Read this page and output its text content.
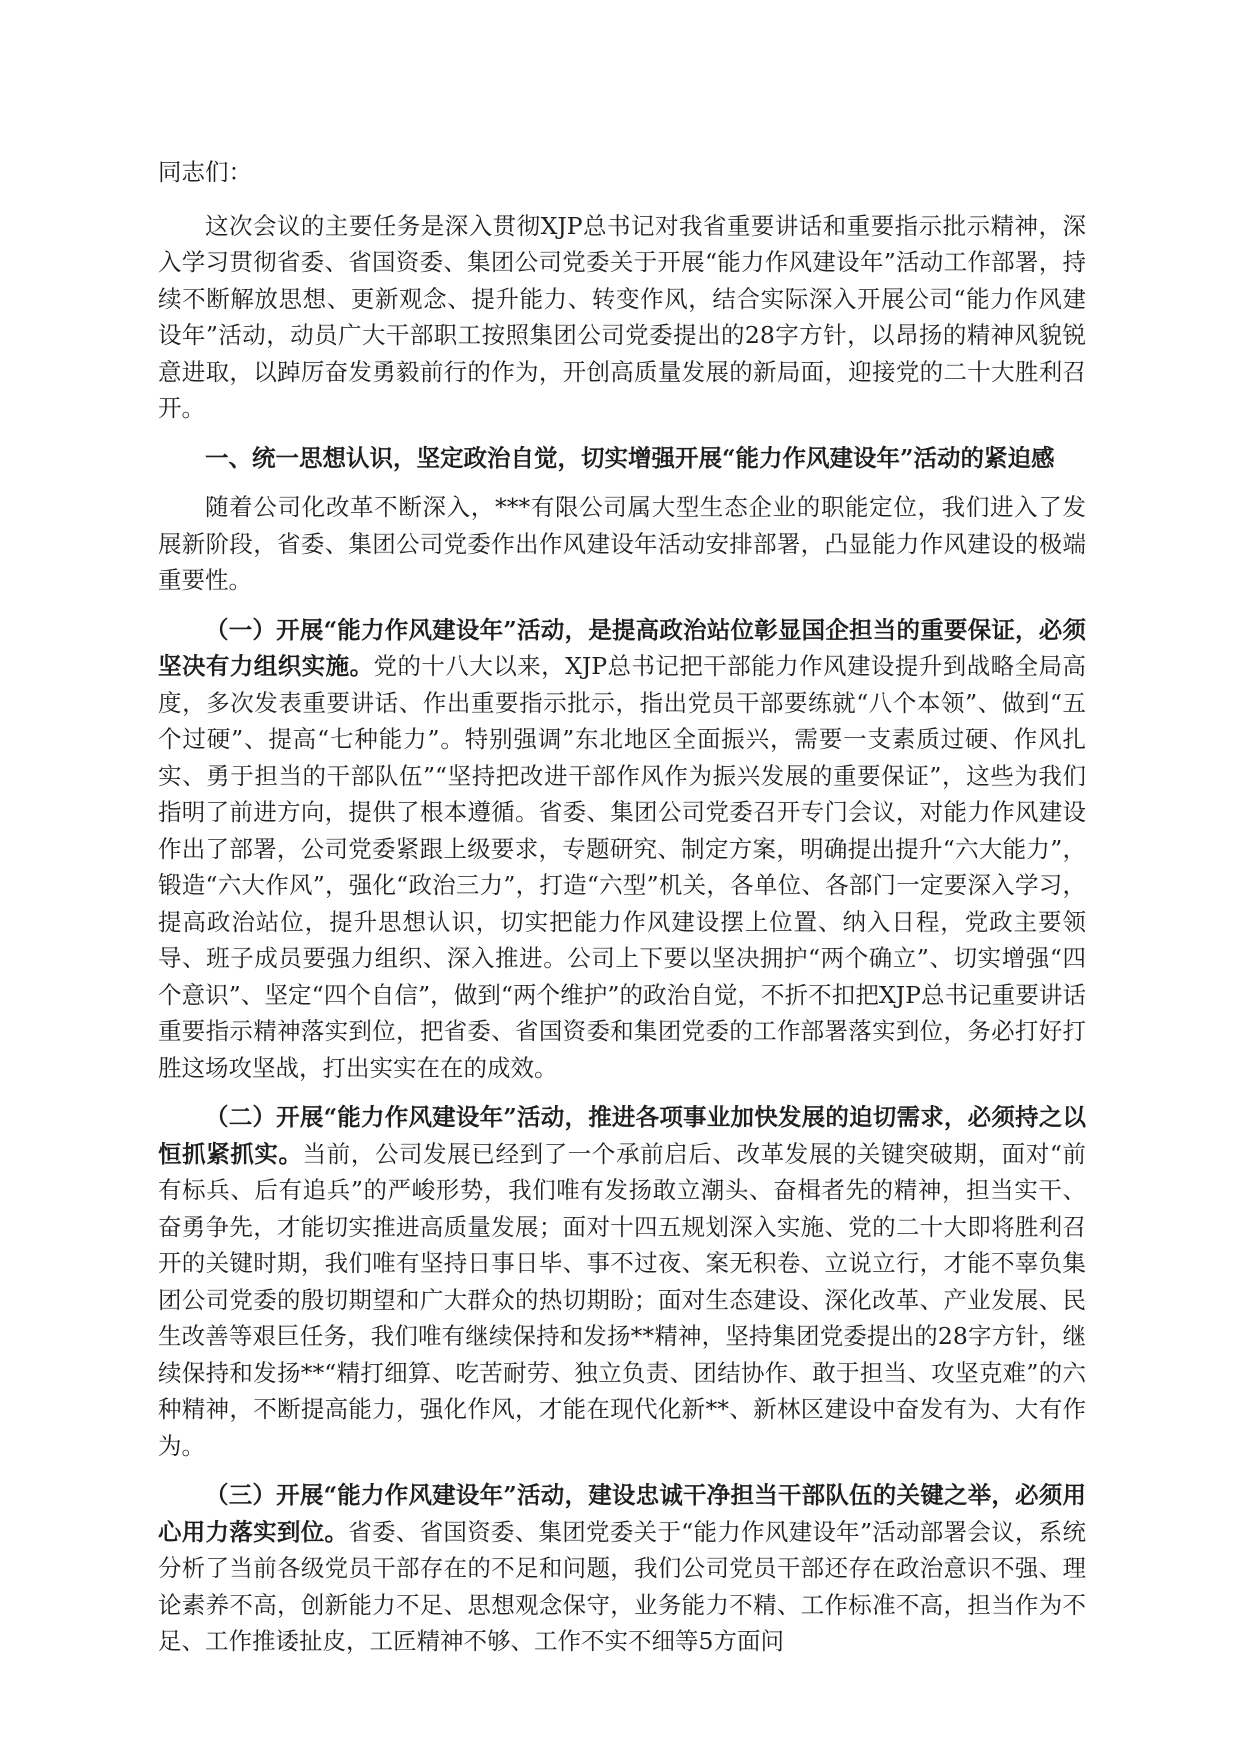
同志们：

这次会议的主要任务是深入贯彻XJP总书记对我省重要讲话和重要指示批示精神，深入学习贯彻省委、省国资委、集团公司党委关于开展“能力作风建设年”活动工作部署，持续不断解放思想、更新观念、提升能力、转变作风，结合实际深入开展公司“能力作风建设年”活动，动员广大干部职工按照集团公司党委提出的28字方针，以昂扬的精神风貌锐意进取，以踔厉奋发勇毅前行的作为，开创高质量发展的新局面，迎接党的二十大胜利召开。

一、统一思想认识，坚定政治自觉，切实增强开展“能力作风建设年”活动的紧迫感

随着公司化改革不断深入，***有限公司属大型生态企业的职能定位，我们进入了发展新阶段，省委、集团公司党委作出作风建设年活动安排部署，凸显能力作风建设的极端重要性。

（一）开展“能力作风建设年”活动，是提高政治站位彰显国企担当的重要保证，必须坚决有力组织实施。党的十八大以来，XJP总书记把干部能力作风建设提升到战略全局高度，多次发表重要讲话、作出重要指示批示，指出党员干部要练就“八个本领”、做到“五个过硬”、提高“七种能力”。特别强调”东北地区全面振兴，需要一支素质过硬、作风扎实、勇于担当的干部队伍”“坚持把改进干部作风作为振兴发展的重要保证”，这些为我们指明了前进方向，提供了根本遵循。省委、集团公司党委召开专门会议，对能力作风建设作出了部署，公司党委紧跟上级要求，专题研究、制定方案，明确提出提升“六大能力”，锻造“六大作风”，强化“政治三力”，打造“六型”机关，各单位、各部门一定要深入学习，提高政治站位，提升思想认识，切实把能力作风建设摆上位置、纳入日程，党政主要领导、班子成员要强力组织、深入推进。公司上下要以坚决拥护“两个确立”、切实增强“四个意识”、坚定“四个自信”，做到“两个维护”的政治自觉，不折不扣把XJP总书记重要讲话重要指示精神落实到位，把省委、省国资委和集团党委的工作部署落实到位，务必打好打胜这场攻坚战，打出实实在在的成效。

（二）开展“能力作风建设年”活动，推进各项事业加快发展的迫切需求，必须持之以恒抓紧抓实。当前，公司发展已经到了一个承前启后、改革发展的关键突破期，面对“前有标兵、后有追兵”的严峻形势，我们唯有发扬敢立潮头、奋楫者先的精神，担当实干、奋勇争先，才能切实推进高质量发展；面对十四五规划深入实施、党的二十大即将胜利召开的关键时期，我们唯有坚持日事日毕、事不过夜、案无积卷、立说立行，才能不辜负集团公司党委的殷切期望和广大群众的热切期盼；面对生态建设、深化改革、产业发展、民生改善等艰巨任务，我们唯有继续保持和发扬**精神，坚持集团党委提出的28字方针，继续保持和发扬**“精打细算、吃苦耐劳、独立负责、团结协作、敢于担当、攻坚克难”的六种精神，不断提高能力，强化作风，才能在现代化新**、新林区建设中奋发有为、大有作为。

（三）开展“能力作风建设年”活动，建设忠诚干净担当干部队伍的关键之举，必须用心用力落实到位。省委、省国资委、集团党委关于“能力作风建设年”活动部署会议，系统分析了当前各级党员干部存在的不足和问题，我们公司党员干部还存在政治意识不强、理论素养不高，创新能力不足、思想观念保守，业务能力不精、工作标准不高，担当作为不足、工作推诿扯皮，工匠精神不够、工作不实不细等5方面问
